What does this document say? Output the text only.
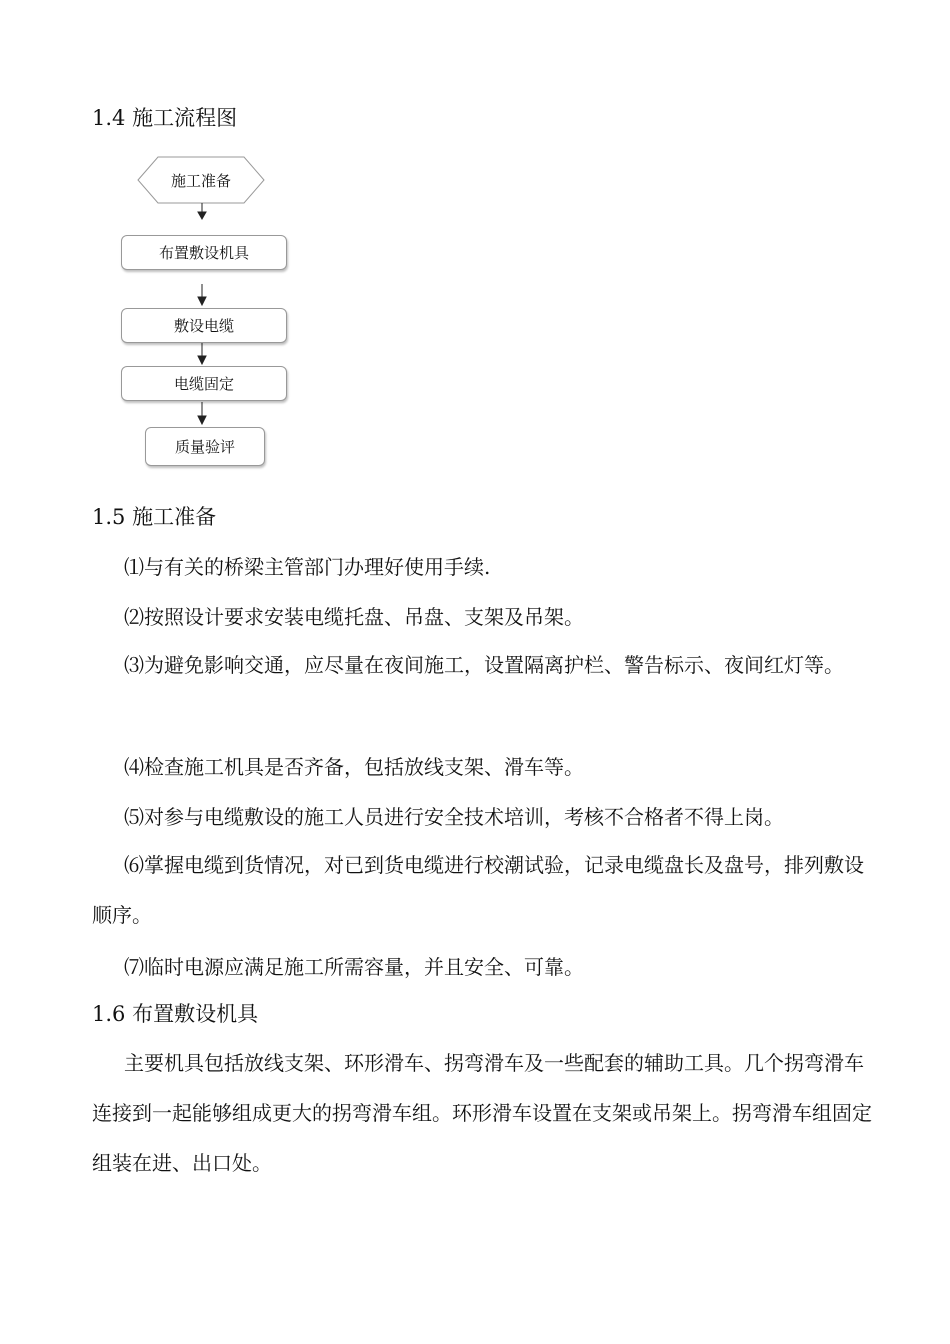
1.4 施工流程图
施工准备
布置敷设机具
敷设电缆
电缆固定
质量验评
1.5 施工准备
⑴与有关的桥梁主管部门办理好使用手续.
⑵按照设计要求安装电缆托盘、吊盘、支架及吊架。
⑶为避免影响交通，应尽量在夜间施工，设置隔离护栏、警告标示、夜间红灯等。
⑷检查施工机具是否齐备，包括放线支架、滑车等。
⑸对参与电缆敷设的施工人员进行安全技术培训，考核不合格者不得上岗。
⑹掌握电缆到货情况，对已到货电缆进行校潮试验，记录电缆盘长及盘号，排列敷设顺序。
⑺临时电源应满足施工所需容量，并且安全、可靠。
1.6 布置敷设机具
主要机具包括放线支架、环形滑车、拐弯滑车及一些配套的辅助工具。几个拐弯滑车连接到一起能够组成更大的拐弯滑车组。环形滑车设置在支架或吊架上。拐弯滑车组固定组装在进、出口处。
